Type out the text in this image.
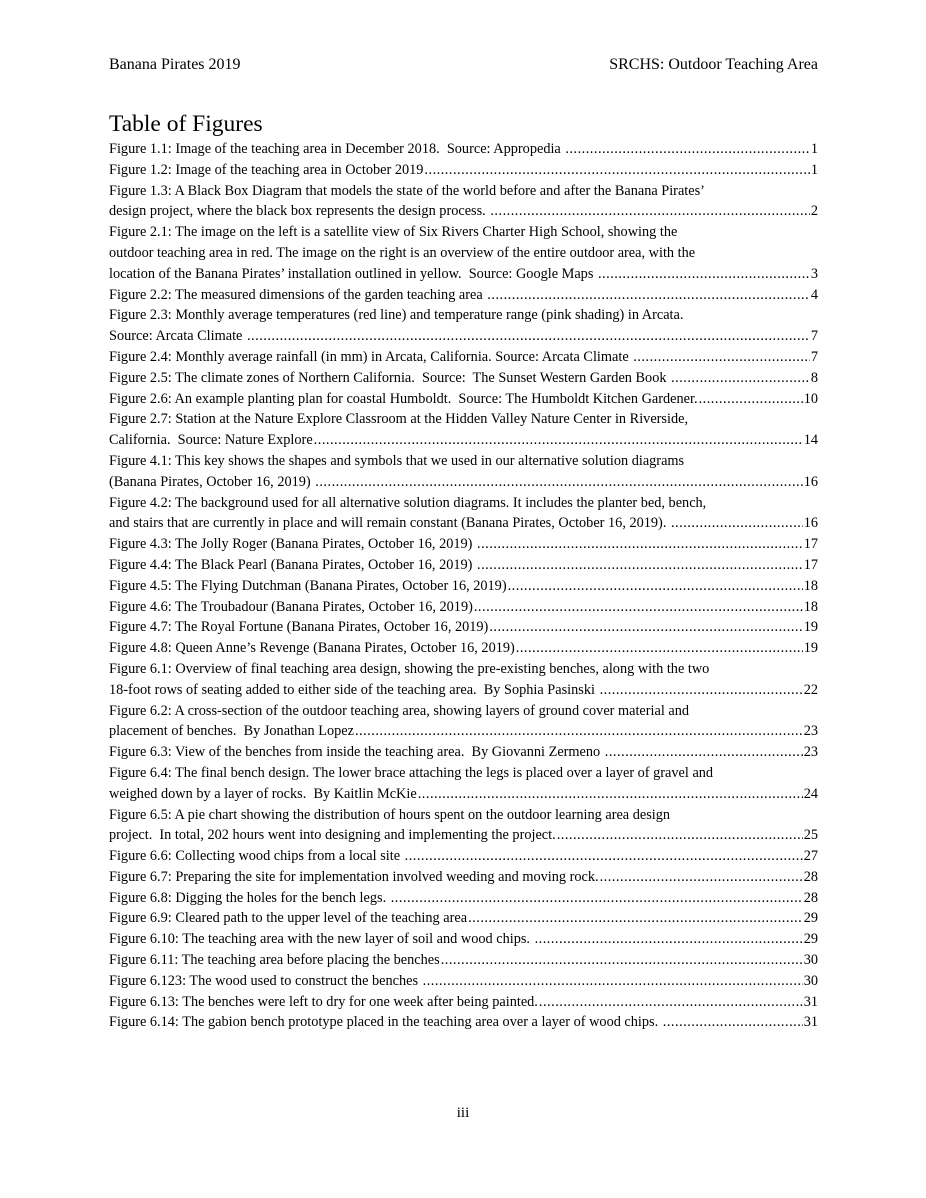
Banana Pirates 2019	SRCHS: Outdoor Teaching Area
Table of Figures
Figure 1.1: Image of the teaching area in December 2018.  Source: Appropedia	1
.....
Figure 1.2: Image of the teaching area in October 2019	1
.....
Figure 1.3: A Black Box Diagram that models the state of the world before and after the Banana Pirates’
design project, where the black box represents the design process.	2
.....
Figure 2.1: The image on the left is a satellite view of Six Rivers Charter High School, showing the
outdoor teaching area in red. The image on the right is an overview of the entire outdoor area, with the
location of the Banana Pirates’ installation outlined in yellow.  Source: Google Maps	3
.....
Figure 2.2: The measured dimensions of the garden teaching area	4
.....
Figure 2.3: Monthly average temperatures (red line) and temperature range (pink shading) in Arcata.
Source: Arcata Climate	7
.....
Figure 2.4: Monthly average rainfall (in mm) in Arcata, California. Source: Arcata Climate	7
.....
Figure 2.5: The climate zones of Northern California.  Source:  The Sunset Western Garden Book	8
.....
Figure 2.6: An example planting plan for coastal Humboldt.  Source: The Humboldt Kitchen Gardener.	10
.....
Figure 2.7: Station at the Nature Explore Classroom at the Hidden Valley Nature Center in Riverside,
California.  Source: Nature Explore	14
.....
Figure 4.1: This key shows the shapes and symbols that we used in our alternative solution diagrams
(Banana Pirates, October 16, 2019)	16
.....
Figure 4.2: The background used for all alternative solution diagrams. It includes the planter bed, bench,
and stairs that are currently in place and will remain constant (Banana Pirates, October 16, 2019).	16
.....
Figure 4.3: The Jolly Roger (Banana Pirates, October 16, 2019)	17
.....
Figure 4.4: The Black Pearl (Banana Pirates, October 16, 2019)	17
.....
Figure 4.5: The Flying Dutchman (Banana Pirates, October 16, 2019)	18
.....
Figure 4.6: The Troubadour (Banana Pirates, October 16, 2019)	18
.....
Figure 4.7: The Royal Fortune (Banana Pirates, October 16, 2019)	19
.....
Figure 4.8: Queen Anne’s Revenge (Banana Pirates, October 16, 2019)	19
.....
Figure 6.1: Overview of final teaching area design, showing the pre-existing benches, along with the two
18-foot rows of seating added to either side of the teaching area.  By Sophia Pasinski	22
.....
Figure 6.2: A cross-section of the outdoor teaching area, showing layers of ground cover material and
placement of benches.  By Jonathan Lopez	23
.....
Figure 6.3: View of the benches from inside the teaching area.  By Giovanni Zermeno	23
.....
Figure 6.4: The final bench design. The lower brace attaching the legs is placed over a layer of gravel and
weighed down by a layer of rocks.  By Kaitlin McKie	24
.....
Figure 6.5: A pie chart showing the distribution of hours spent on the outdoor learning area design
project.  In total, 202 hours went into designing and implementing the project.	25
.....
Figure 6.6: Collecting wood chips from a local site	27
.....
Figure 6.7: Preparing the site for implementation involved weeding and moving rock.	28
.....
Figure 6.8: Digging the holes for the bench legs.	28
.....
Figure 6.9: Cleared path to the upper level of the teaching area	29
.....
Figure 6.10: The teaching area with the new layer of soil and wood chips.	29
.....
Figure 6.11: The teaching area before placing the benches	30
.....
Figure 6.123: The wood used to construct the benches	30
.....
Figure 6.13: The benches were left to dry for one week after being painted.	31
.....
Figure 6.14: The gabion bench prototype placed in the teaching area over a layer of wood chips.	31
.....
iii
